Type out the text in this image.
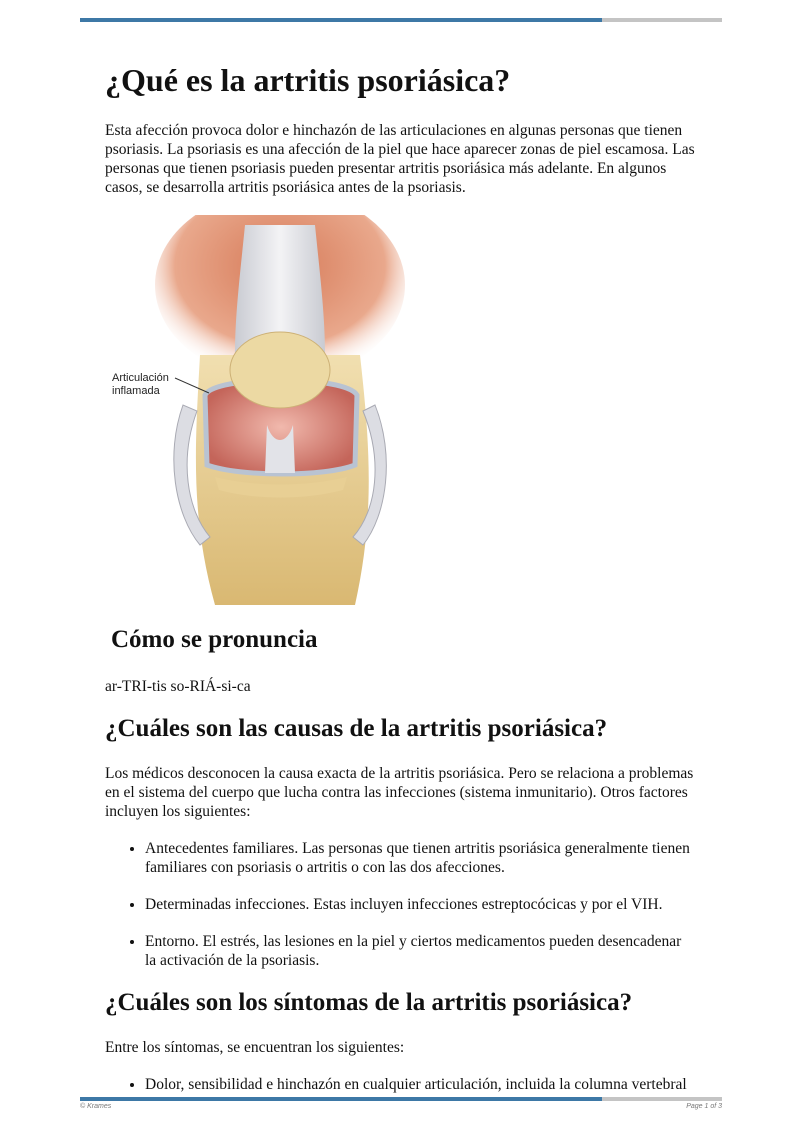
¿Qué es la artritis psoriásica?

Esta afección provoca dolor e hinchazón de las articulaciones en algunas personas que tienen psoriasis. La psoriasis es una afección de la piel que hace aparecer zonas de piel escamosa. Las personas que tienen psoriasis pueden presentar artritis psoriásica más adelante. En algunos casos, se desarrolla artritis psoriásica antes de la psoriasis.

Articulación
inflamada
Cómo se pronuncia

ar-TRI-tis so-RIÁ-si-ca

¿Cuáles son las causas de la artritis psoriásica?

Los médicos desconocen la causa exacta de la artritis psoriásica. Pero se relaciona a problemas en el sistema del cuerpo que lucha contra las infecciones (sistema inmunitario). Otros factores incluyen los siguientes:

• Antecedentes familiares. Las personas que tienen artritis psoriásica generalmente tienen familiares con psoriasis o artritis o con las dos afecciones.
• Determinadas infecciones. Estas incluyen infecciones estreptocócicas y por el VIH.
• Entorno. El estrés, las lesiones en la piel y ciertos medicamentos pueden desencadenar la activación de la psoriasis.
¿Cuáles son los síntomas de la artritis psoriásica?

Entre los síntomas, se encuentran los siguientes:

• Dolor, sensibilidad e hinchazón en cualquier articulación, incluida la columna vertebral
© Krames	Page 1 of 3
